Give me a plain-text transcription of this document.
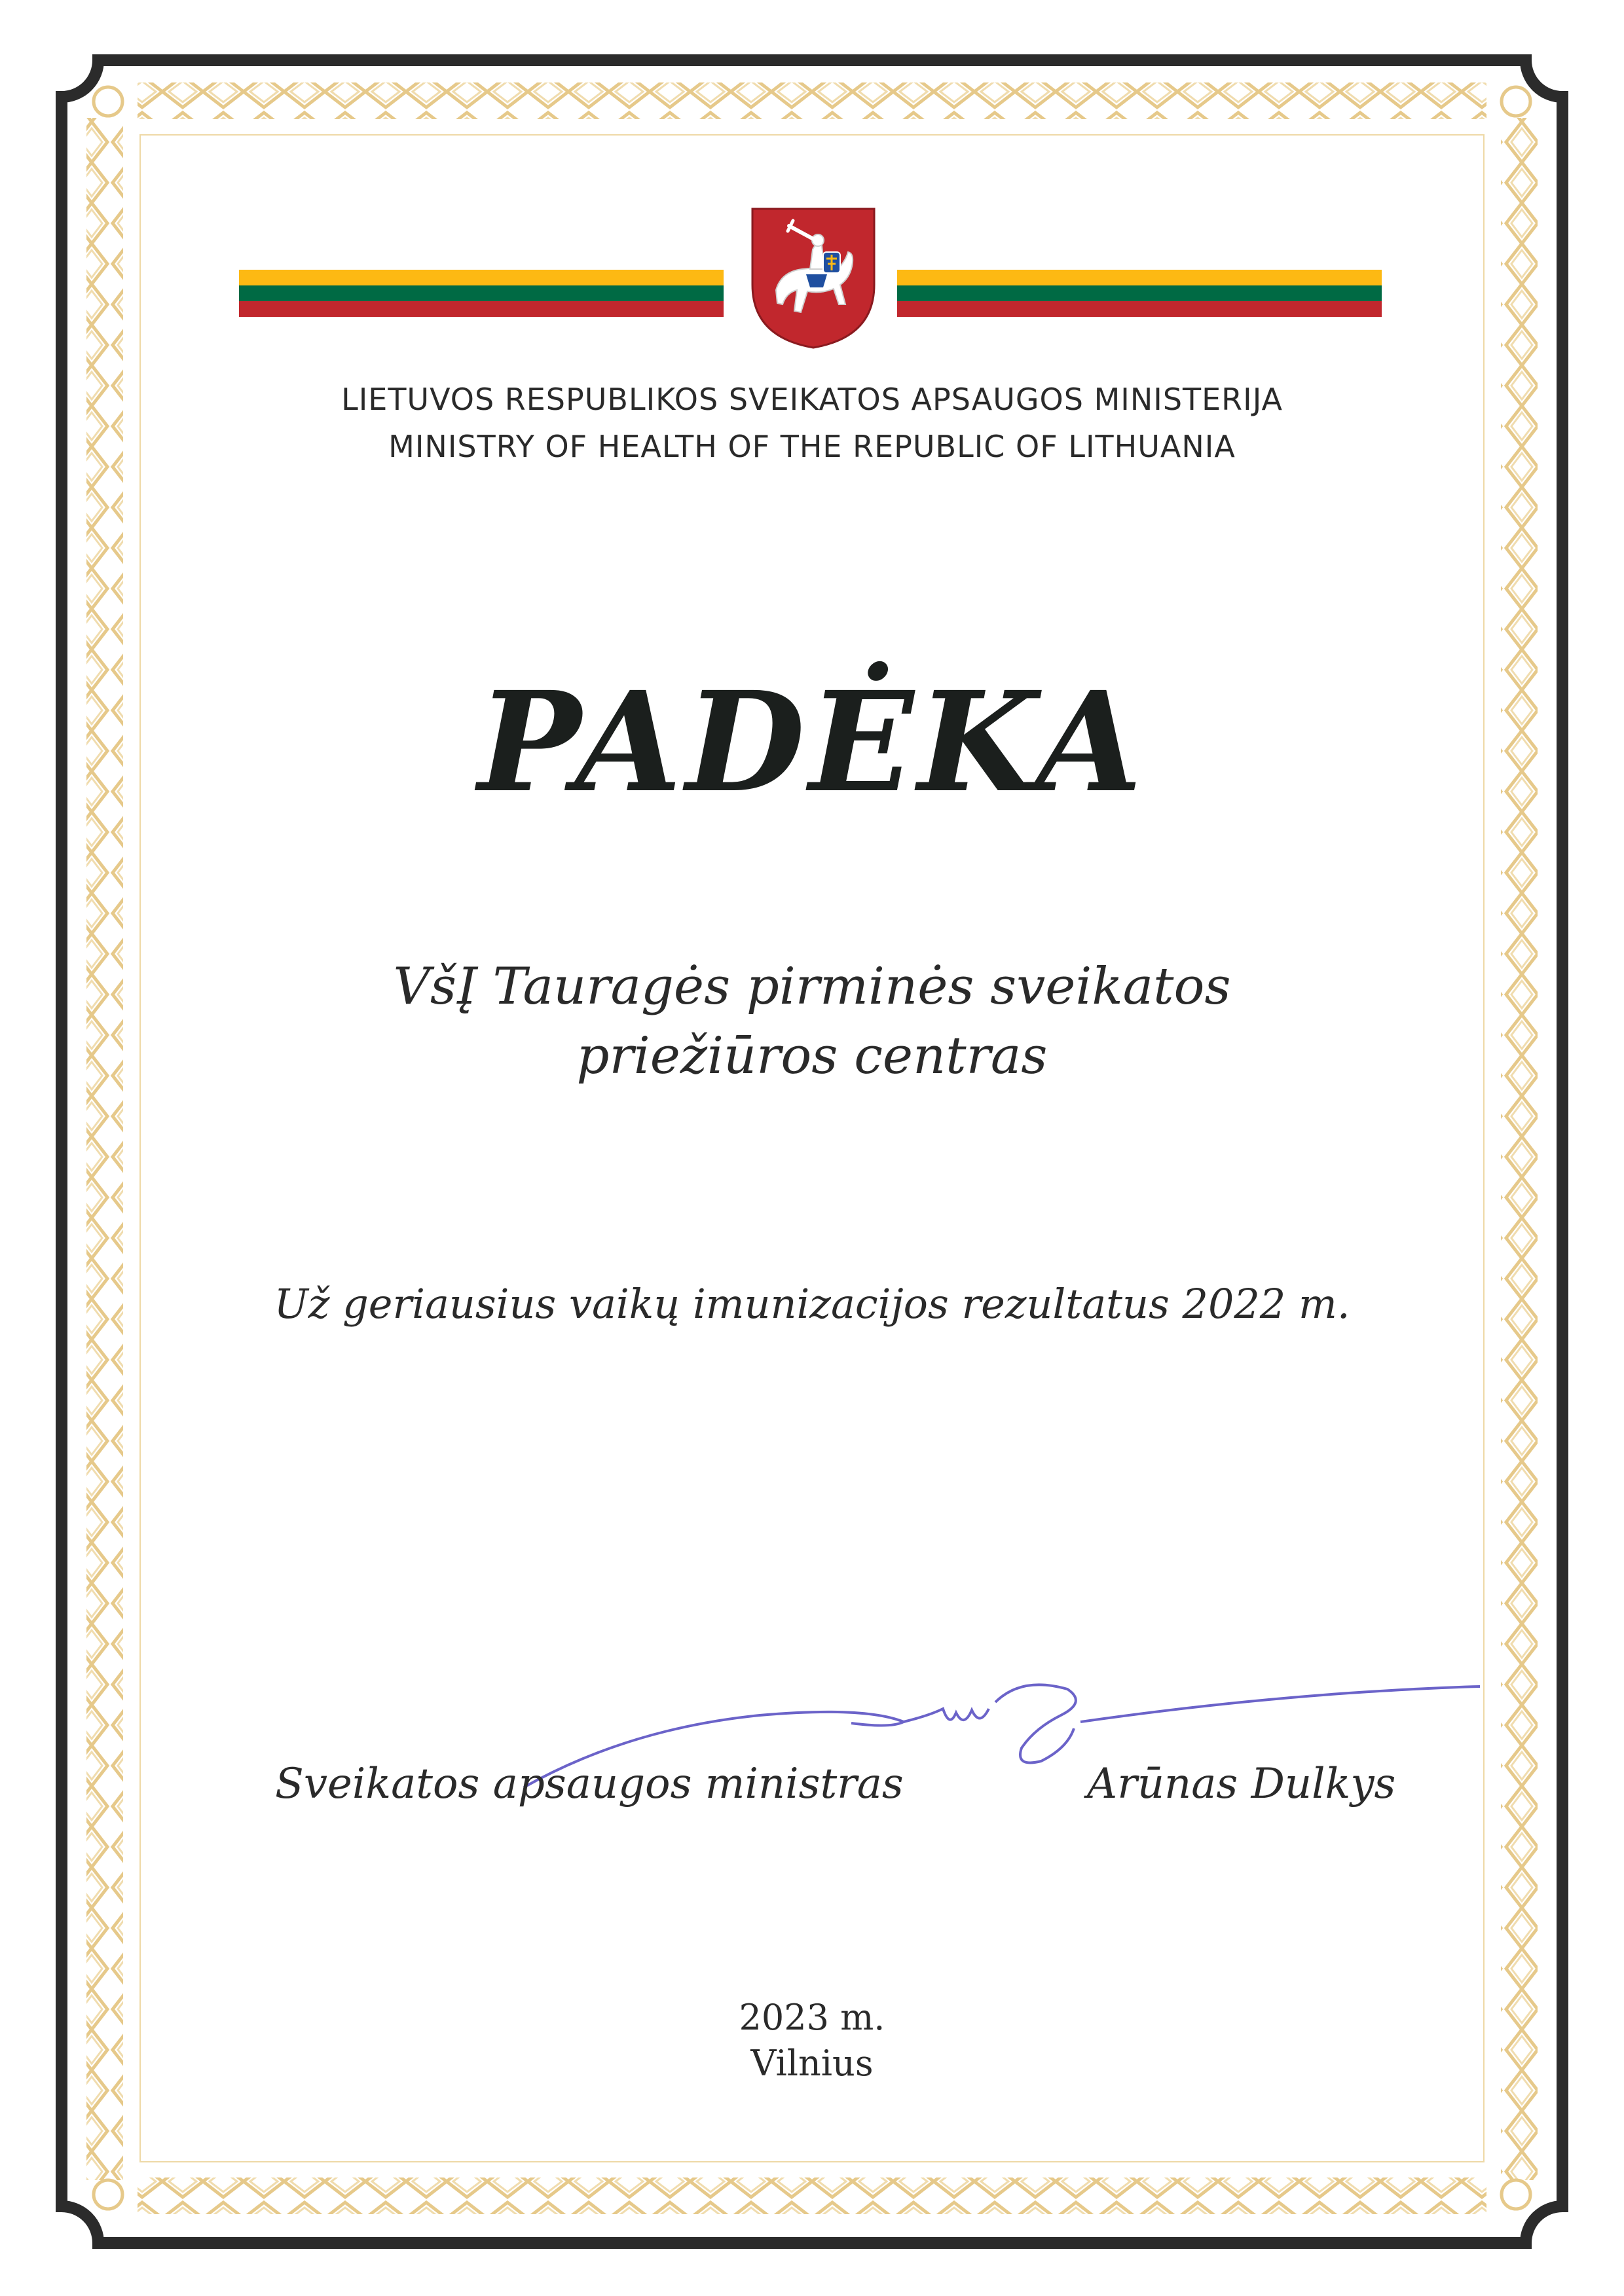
LIETUVOS RESPUBLIKOS SVEIKATOS APSAUGOS MINISTERIJA
MINISTRY OF HEALTH OF THE REPUBLIC OF LITHUANIA
PADĖKA
VšĮ Tauragės pirminės sveikatos
priežiūros centras
Už geriausius vaikų imunizacijos rezultatus 2022 m.
Sveikatos apsaugos ministras	Arūnas Dulkys
2023 m.
Vilnius
